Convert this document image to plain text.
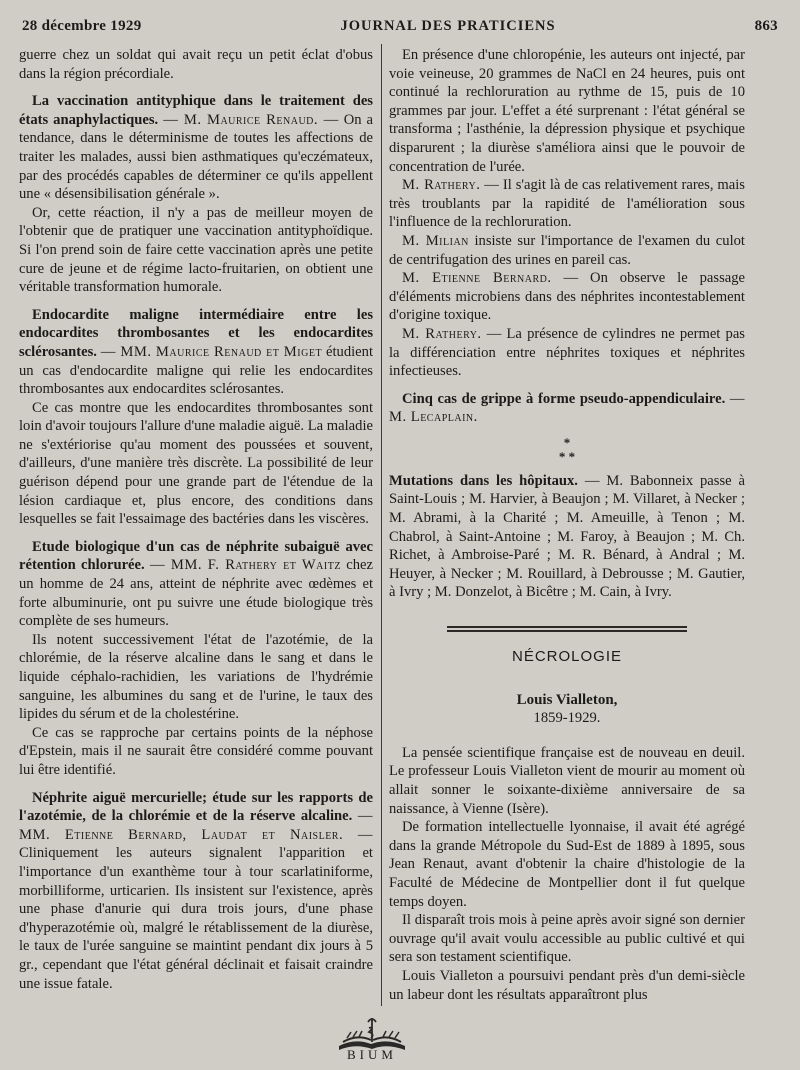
28 décembre 1929	JOURNAL DES PRATICIENS	863

guerre chez un soldat qui avait reçu un petit éclat d'obus dans la région précordiale.

La vaccination antityphique dans le traitement des états anaphylactiques. — M. Maurice Renaud. — On a tendance, dans le déterminisme de toutes les affections de traiter les malades, aussi bien asthmatiques qu'eczémateux, par des procédés capables de déterminer ce qu'ils appellent une « désensibilisation générale ».

Or, cette réaction, il n'y a pas de meilleur moyen de l'obtenir que de pratiquer une vaccination antityphoïdique. Si l'on prend soin de faire cette vaccination après une petite cure de jeune et de régime lacto-fruitarien, on obtient une véritable transformation humorale.

Endocardite maligne intermédiaire entre les endocardites thrombosantes et les endocardites sclérosantes. — MM. Maurice Renaud et Miget étudient un cas d'endocardite maligne qui relie les endocardites thrombosantes aux endocardites sclérosantes.

Ce cas montre que les endocardites thrombosantes sont loin d'avoir toujours l'allure d'une maladie aiguë. La maladie ne s'extériorise qu'au moment des poussées et souvent, d'ailleurs, d'une manière très discrète. La possibilité de leur guérison dépend pour une grande part de l'étendue de la lésion cardiaque et, plus encore, des conditions dans lesquelles se fait l'essaimage des bactéries dans les viscères.

Etude biologique d'un cas de néphrite subaiguë avec rétention chlorurée. — MM. F. Rathery et Waitz chez un homme de 24 ans, atteint de néphrite avec œdèmes et forte albuminurie, ont pu suivre une étude biologique très complète de ses humeurs.

Ils notent successivement l'état de l'azotémie, de la chlorémie, de la réserve alcaline dans le sang et dans le liquide céphalo-rachidien, les variations de l'hydrémie sanguine, les albumines du sang et de l'urine, le taux des lipides du sérum et de la cholestérine.

Ce cas se rapproche par certains points de la néphose d'Epstein, mais il ne saurait être considéré comme pouvant lui être identifié.

Néphrite aiguë mercurielle; étude sur les rapports de l'azotémie, de la chlorémie et de la réserve alcaline. — MM. Etienne Bernard, Laudat et Naisler. — Cliniquement les auteurs signalent l'apparition et l'importance d'un exanthème tour à tour scarlatiniforme, morbilliforme, urticarien. Ils insistent sur l'existence, après une phase d'anurie qui dura trois jours, d'une phase d'hyperazotémie où, malgré le rétablissement de la diurèse, le taux de l'urée sanguine se maintint pendant dix jours à 5 gr., cependant que l'état général déclinait et faisait craindre une issue fatale.

En présence d'une chloropénie, les auteurs ont injecté, par voie veineuse, 20 grammes de NaCl en 24 heures, puis ont continué la rechloruration au rythme de 15, puis de 10 grammes par jour. L'effet a été surprenant : l'état général se transforma ; l'asthénie, la dépression physique et psychique disparurent ; la diurèse s'améliora ainsi que le pouvoir de concentration de l'urée.

M. Rathery. — Il s'agit là de cas relativement rares, mais très troublants par la rapidité de l'amélioration sous l'influence de la rechloruration.

M. Milian insiste sur l'importance de l'examen du culot de centrifugation des urines en pareil cas.

M. Etienne Bernard. — On observe le passage d'éléments microbiens dans des néphrites incontestablement d'origine toxique.

M. Rathery. — La présence de cylindres ne permet pas la différenciation entre néphrites toxiques et néphrites infectieuses.

Cinq cas de grippe à forme pseudo-appendiculaire. — M. Lecaplain.

*
* *

Mutations dans les hôpitaux. — M. Babonneix passe à Saint-Louis ; M. Harvier, à Beaujon ; M. Villaret, à Necker ; M. Abrami, à la Charité ; M. Ameuille, à Tenon ; M. Chabrol, à Saint-Antoine ; M. Faroy, à Beaujon ; M. Ch. Richet, à Ambroise-Paré ; M. R. Bénard, à Andral ; M. Heuyer, à Necker ; M. Rouillard, à Debrousse ; M. Gautier, à Ivry ; M. Donzelot, à Bicêtre ; M. Cain, à Ivry.

NÉCROLOGIE
Louis Vialleton,
1859-1929.

La pensée scientifique française est de nouveau en deuil. Le professeur Louis Vialleton vient de mourir au moment où allait sonner le soixante-dixième anniversaire de sa naissance, à Vienne (Isère).

De formation intellectuelle lyonnaise, il avait été agrégé dans la grande Métropole du Sud-Est de 1889 à 1895, sous Jean Renaut, avant d'obtenir la chaire d'histologie de la Faculté de Médecine de Montpellier dont il fut quelque temps doyen.

Il disparaît trois mois à peine après avoir signé son dernier ouvrage qu'il avait voulu accessible au public cultivé et qui sera son testament scientifique.

Louis Vialleton a poursuivi pendant près d'un demi-siècle un labeur dont les résultats apparaîtront plus

BIUM
